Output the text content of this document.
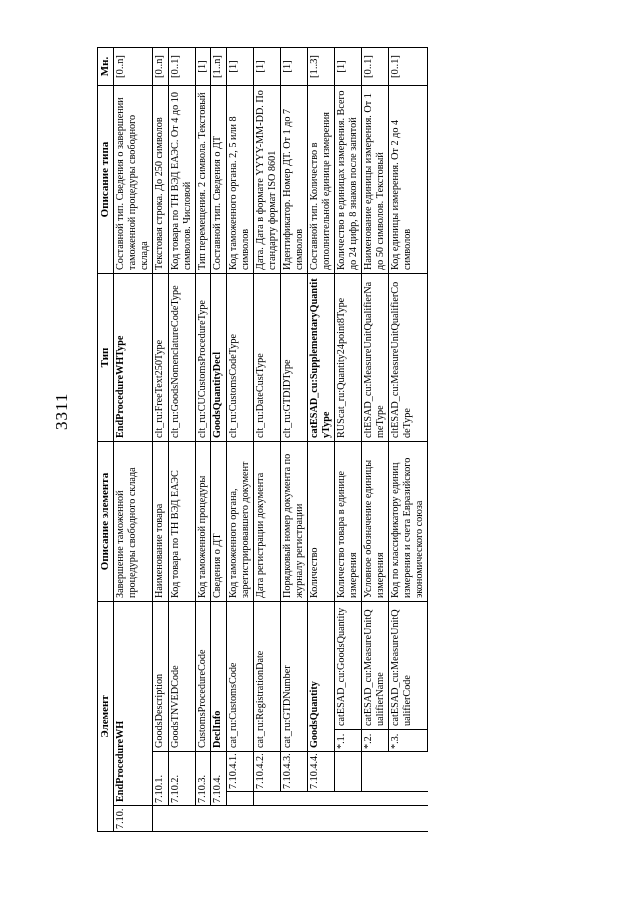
3311
Элемент					Описание элемента	Тип	Описание типа	Мн.
7.10.	EndProcedureWH				Завершение таможенной процедуры свободного склада	EndProcedureWHType	Составной тип. Сведения о завершении таможенной процедуры свободного склада	[0..n]
	7.10.1.		GoodsDescription		Наименование товара	clt_ru:FreeText250Type	Текстовая строка. До 250 символов	[0..n]
	7.10.2.		GoodsTNVEDCode		Код товара по ТН ВЭД ЕАЭС	clt_ru:GoodsNomenclatureCodeType	Код товара по ТН ВЭД ЕАЭС. От 4 до 10 символов. Числовой	[0..1]
	7.10.3.		CustomsProcedureCode		Код таможенной процедуры	clt_ru:CUCustomsProcedureType	Тип перемещения. 2 символа. Текстовый	[1]
	7.10.4.		DeclInfo		Сведения о ДТ	GoodsQuantityDecl	Составной тип. Сведения о ДТ	[1..n]
		7.10.4.1.	cat_ru:CustomsCode		Код таможенного органа, зарегистрировавшего документ	clt_ru:CustomsCodeType	Код таможенного органа. 2, 5 или 8 символов	[1]
		7.10.4.2.	cat_ru:RegistrationDate		Дата регистрации документа	clt_ru:DateCustType	Дата. Дата в формате YYYY-MM-DD. По стандарту формат ISO 8601	[1]
		7.10.4.3.	cat_ru:GTDNumber		Порядковый номер документа по журналу регистрации	clt_ru:GTDIDType	Идентификатор. Номер ДТ. От 1 до 7 символов	[1]
		7.10.4.4.	GoodsQuantity		Количество	catESAD_cu:SupplementaryQuantityType	Составной тип. Количество в дополнительной единице измерения	[1..3]
			*.1.	catESAD_cu:GoodsQuantity	Количество товара в единице измерения	RUScat_ru:Quantity24point8Type	Количество в единицах измерения. Всего до 24 цифр, 8 знаков после запятой	[1]
			*.2.	catESAD_cu:MeasureUnitQualifierName	Условное обозначение единицы измерения	cltESAD_cu:MeasureUnitQualifierNameType	Наименование единицы измерения. От 1 до 50 символов. Текстовый	[0..1]
			*.3.	catESAD_cu:MeasureUnitQualifierCode	Код по классификатору единиц измерения и счета Евразийского экономического союза	cltESAD_cu:MeasureUnitQualifierCodeType	Код единицы измерения. От 2 до 4 символов	[0..1]
